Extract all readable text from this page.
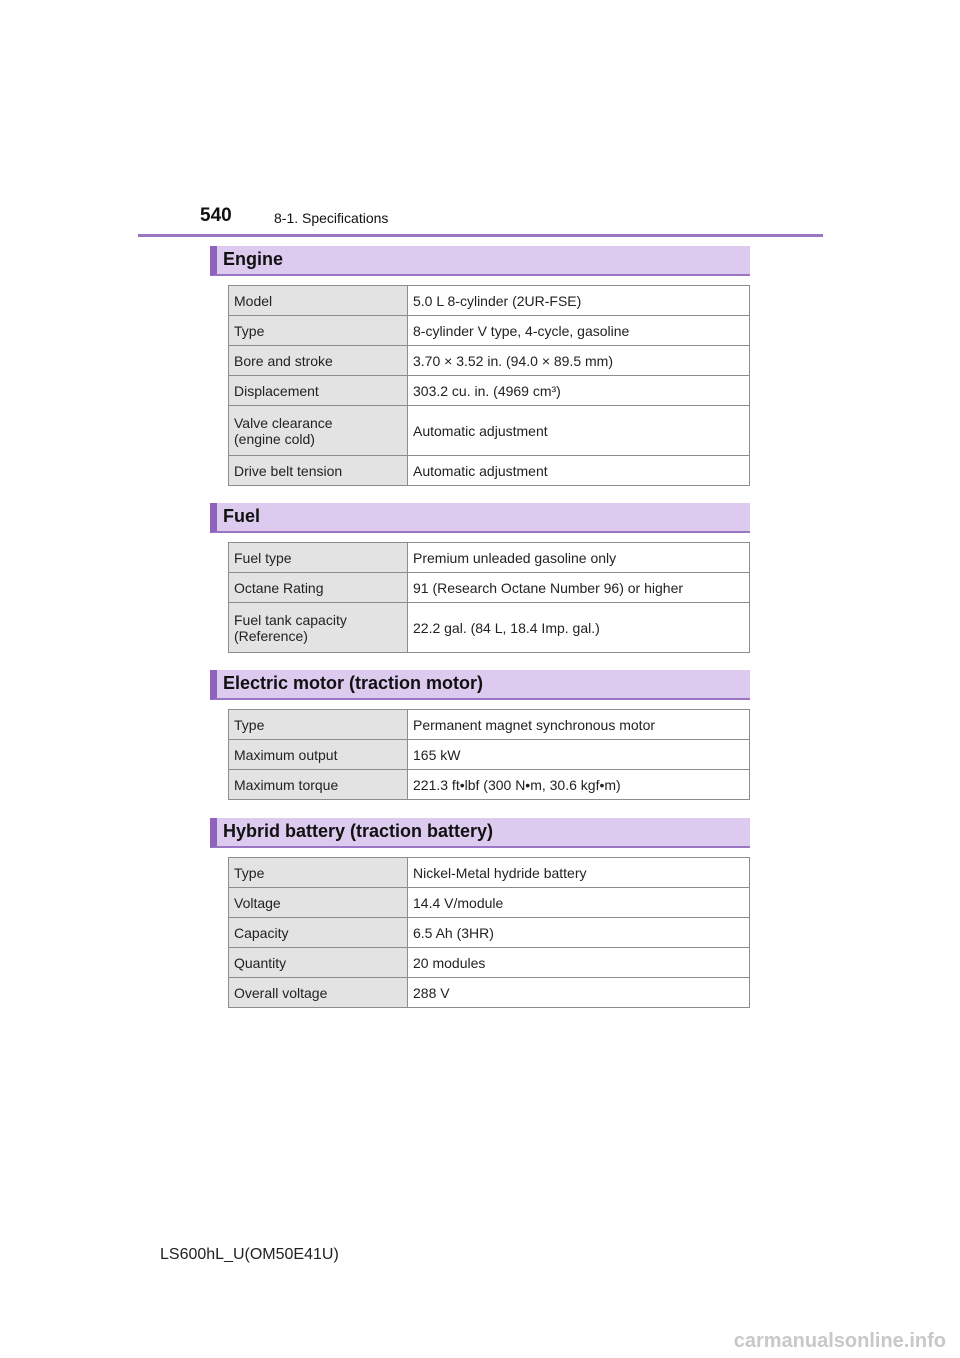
540	8-1. Specifications
Engine
Model	5.0 L 8-cylinder (2UR-FSE)
Type	8-cylinder V type, 4-cycle, gasoline
Bore and stroke	3.70 × 3.52 in. (94.0 × 89.5 mm)
Displacement	303.2 cu. in. (4969 cm³)
Valve clearance
(engine cold)	Automatic adjustment
Drive belt tension	Automatic adjustment
Fuel
Fuel type	Premium unleaded gasoline only
Octane Rating	91 (Research Octane Number 96) or higher
Fuel tank capacity
(Reference)	22.2 gal. (84 L, 18.4 Imp. gal.)
Electric motor (traction motor)
Type	Permanent magnet synchronous motor
Maximum output	165 kW
Maximum torque	221.3 ft•lbf (300 N•m, 30.6 kgf•m)
Hybrid battery (traction battery)
Type	Nickel-Metal hydride battery
Voltage	14.4 V/module
Capacity	6.5 Ah (3HR)
Quantity	20 modules
Overall voltage	288 V
LS600hL_U(OM50E41U)
carmanualsonline.info
